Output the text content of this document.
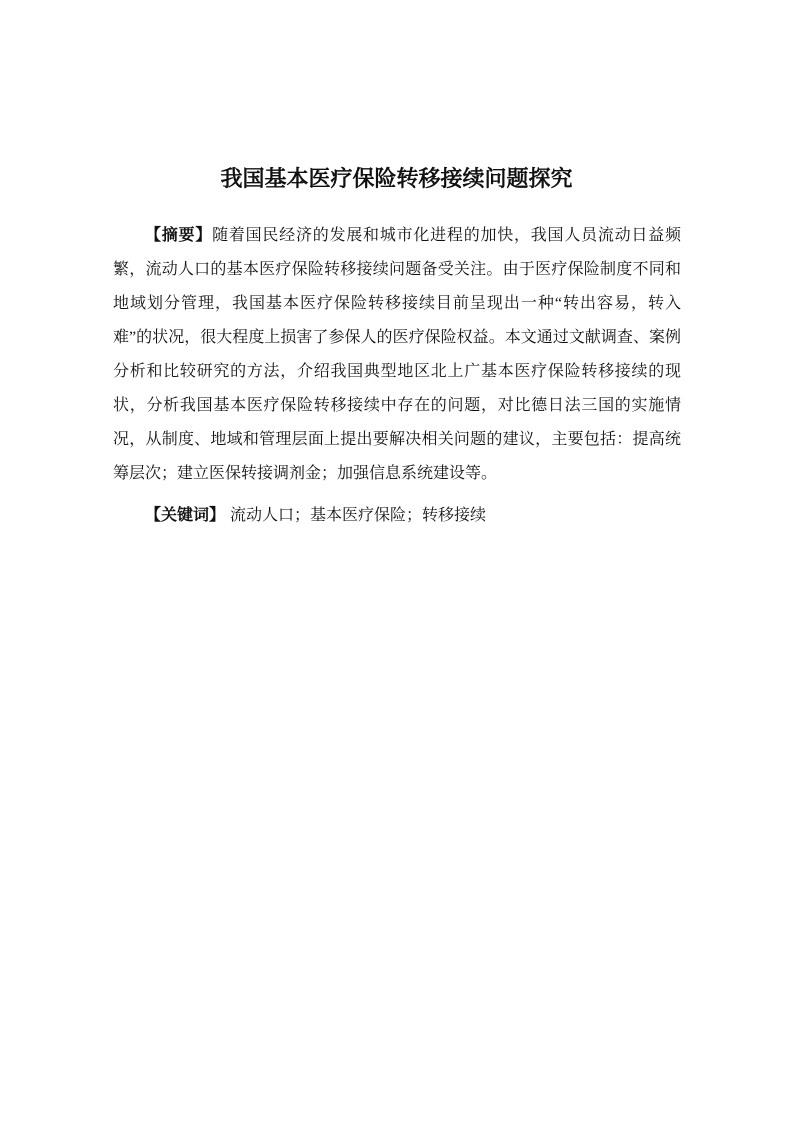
我国基本医疗保险转移接续问题探究

【摘要】随着国民经济的发展和城市化进程的加快，我国人员流动日益频繁，流动人口的基本医疗保险转移接续问题备受关注。由于医疗保险制度不同和地域划分管理，我国基本医疗保险转移接续目前呈现出一种“转出容易，转入难”的状况，很大程度上损害了参保人的医疗保险权益。本文通过文献调查、案例分析和比较研究的方法，介绍我国典型地区北上广基本医疗保险转移接续的现状，分析我国基本医疗保险转移接续中存在的问题，对比德日法三国的实施情况，从制度、地域和管理层面上提出要解决相关问题的建议，主要包括：提高统筹层次；建立医保转接调剂金；加强信息系统建设等。

【关键词】 流动人口；基本医疗保险；转移接续
